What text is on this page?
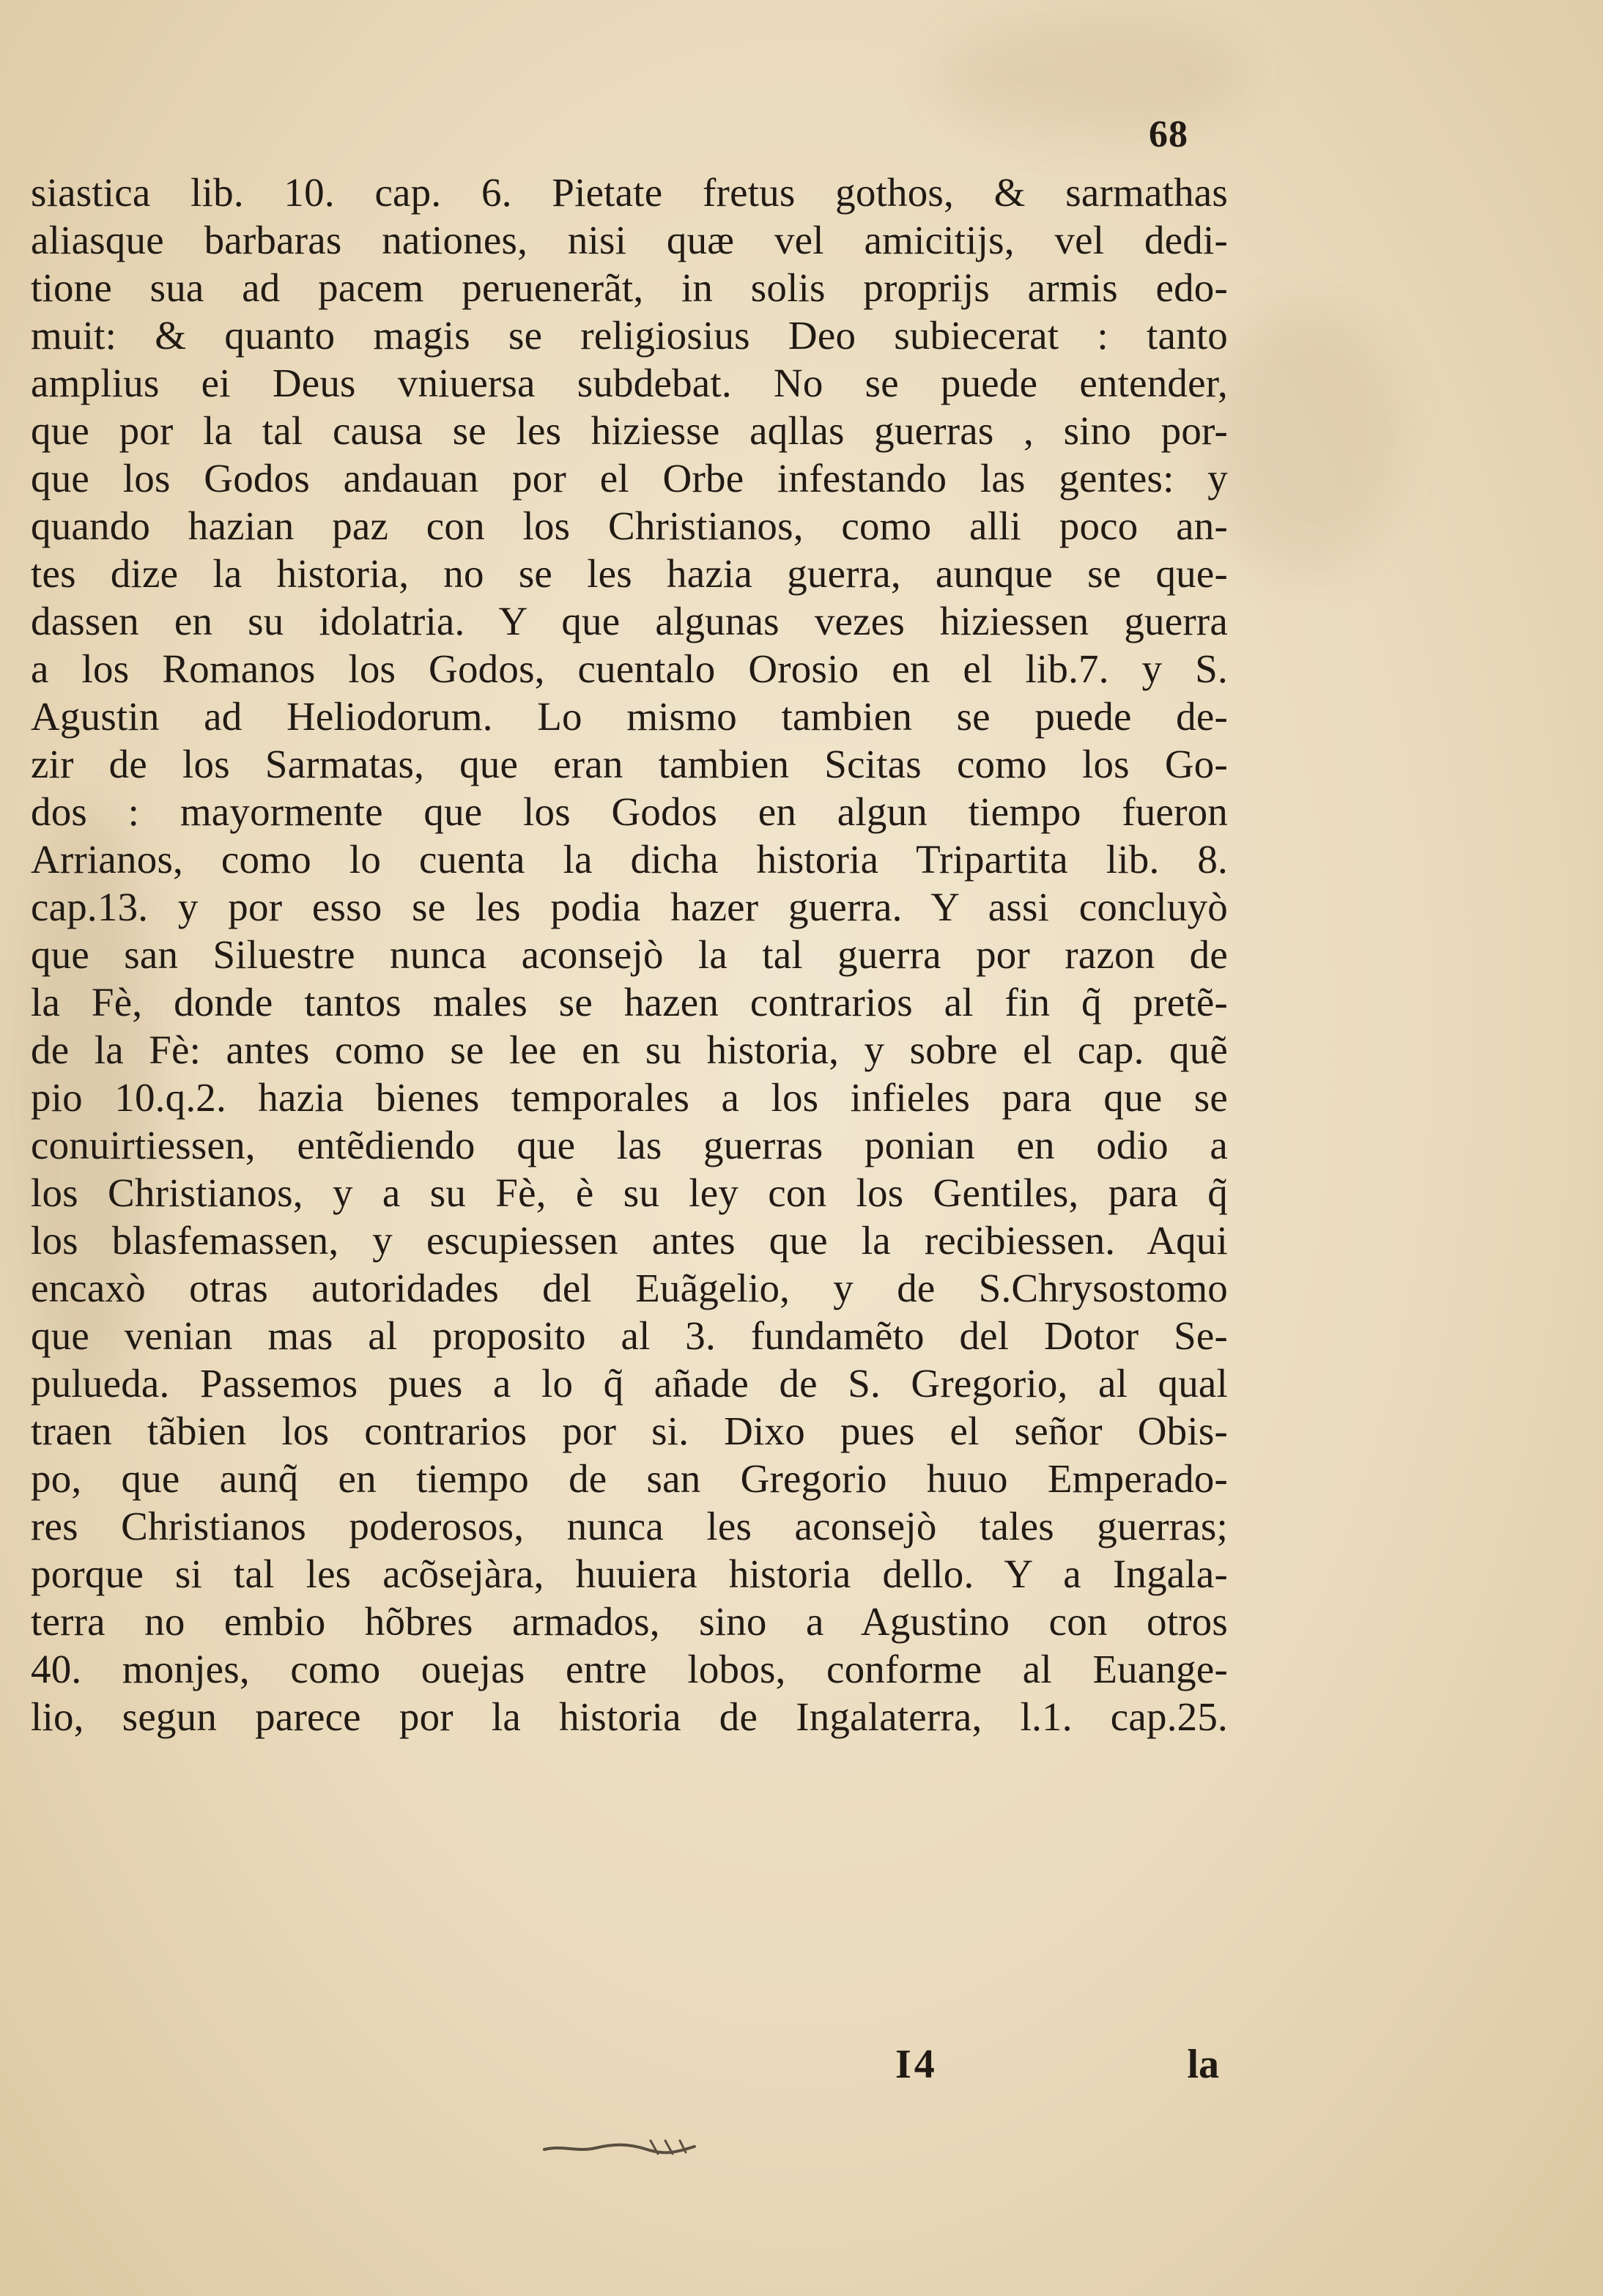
68
siastica lib. 10. cap. 6. Pietate fretus gothos, & sarmathas
aliasque barbaras nationes, nisi quæ vel amicitijs, vel dedi-
tione sua ad pacem peruenerãt, in solis proprijs armis edo-
muit: & quanto magis se religiosius Deo subiecerat : tanto
amplius ei Deus vniuersa subdebat. No se puede entender,
que por la tal causa se les hiziesse aqllas guerras , sino por-
que los Godos andauan por el Orbe infestando las gentes: y
quando hazian paz con los Christianos, como alli poco an-
tes dize la historia, no se les hazia guerra, aunque se que-
dassen en su idolatria. Y que algunas vezes hiziessen guerra
a los Romanos los Godos, cuentalo Orosio en el lib.7. y S.
Agustin ad Heliodorum. Lo mismo tambien se puede de-
zir de los Sarmatas, que eran tambien Scitas como los Go-
dos : mayormente que los Godos en algun tiempo fueron
Arrianos, como lo cuenta la dicha historia Tripartita lib. 8.
cap.13. y por esso se les podia hazer guerra. Y assi concluyò
que san Siluestre nunca aconsejò la tal guerra por razon de
la Fè, donde tantos males se hazen contrarios al fin q̃ pretẽ-
de la Fè: antes como se lee en su historia, y sobre el cap. quẽ
pio 10.q.2. hazia bienes temporales a los infieles para que se
conuirtiessen, entẽdiendo que las guerras ponian en odio a
los Christianos, y a su Fè, è su ley con los Gentiles, para q̃
los blasfemassen, y escupiessen antes que la recibiessen. Aqui
encaxò otras autoridades del Euãgelio, y de S.Chrysostomo
que venian mas al proposito al 3. fundamẽto del Dotor Se-
pulueda. Passemos pues a lo q̃ añade de S. Gregorio, al qual
traen tãbien los contrarios por si. Dixo pues el señor Obis-
po, que aunq̃ en tiempo de san Gregorio huuo Emperado-
res Christianos poderosos, nunca les aconsejò tales guerras;
porque si tal les acõsejàra, huuiera historia dello. Y a Ingala-
terra no embio hõbres armados, sino a Agustino con otros
40. monjes, como ouejas entre lobos, conforme al Euange-
lio, segun parece por la historia de Ingalaterra, l.1. cap.25.
I4	la
